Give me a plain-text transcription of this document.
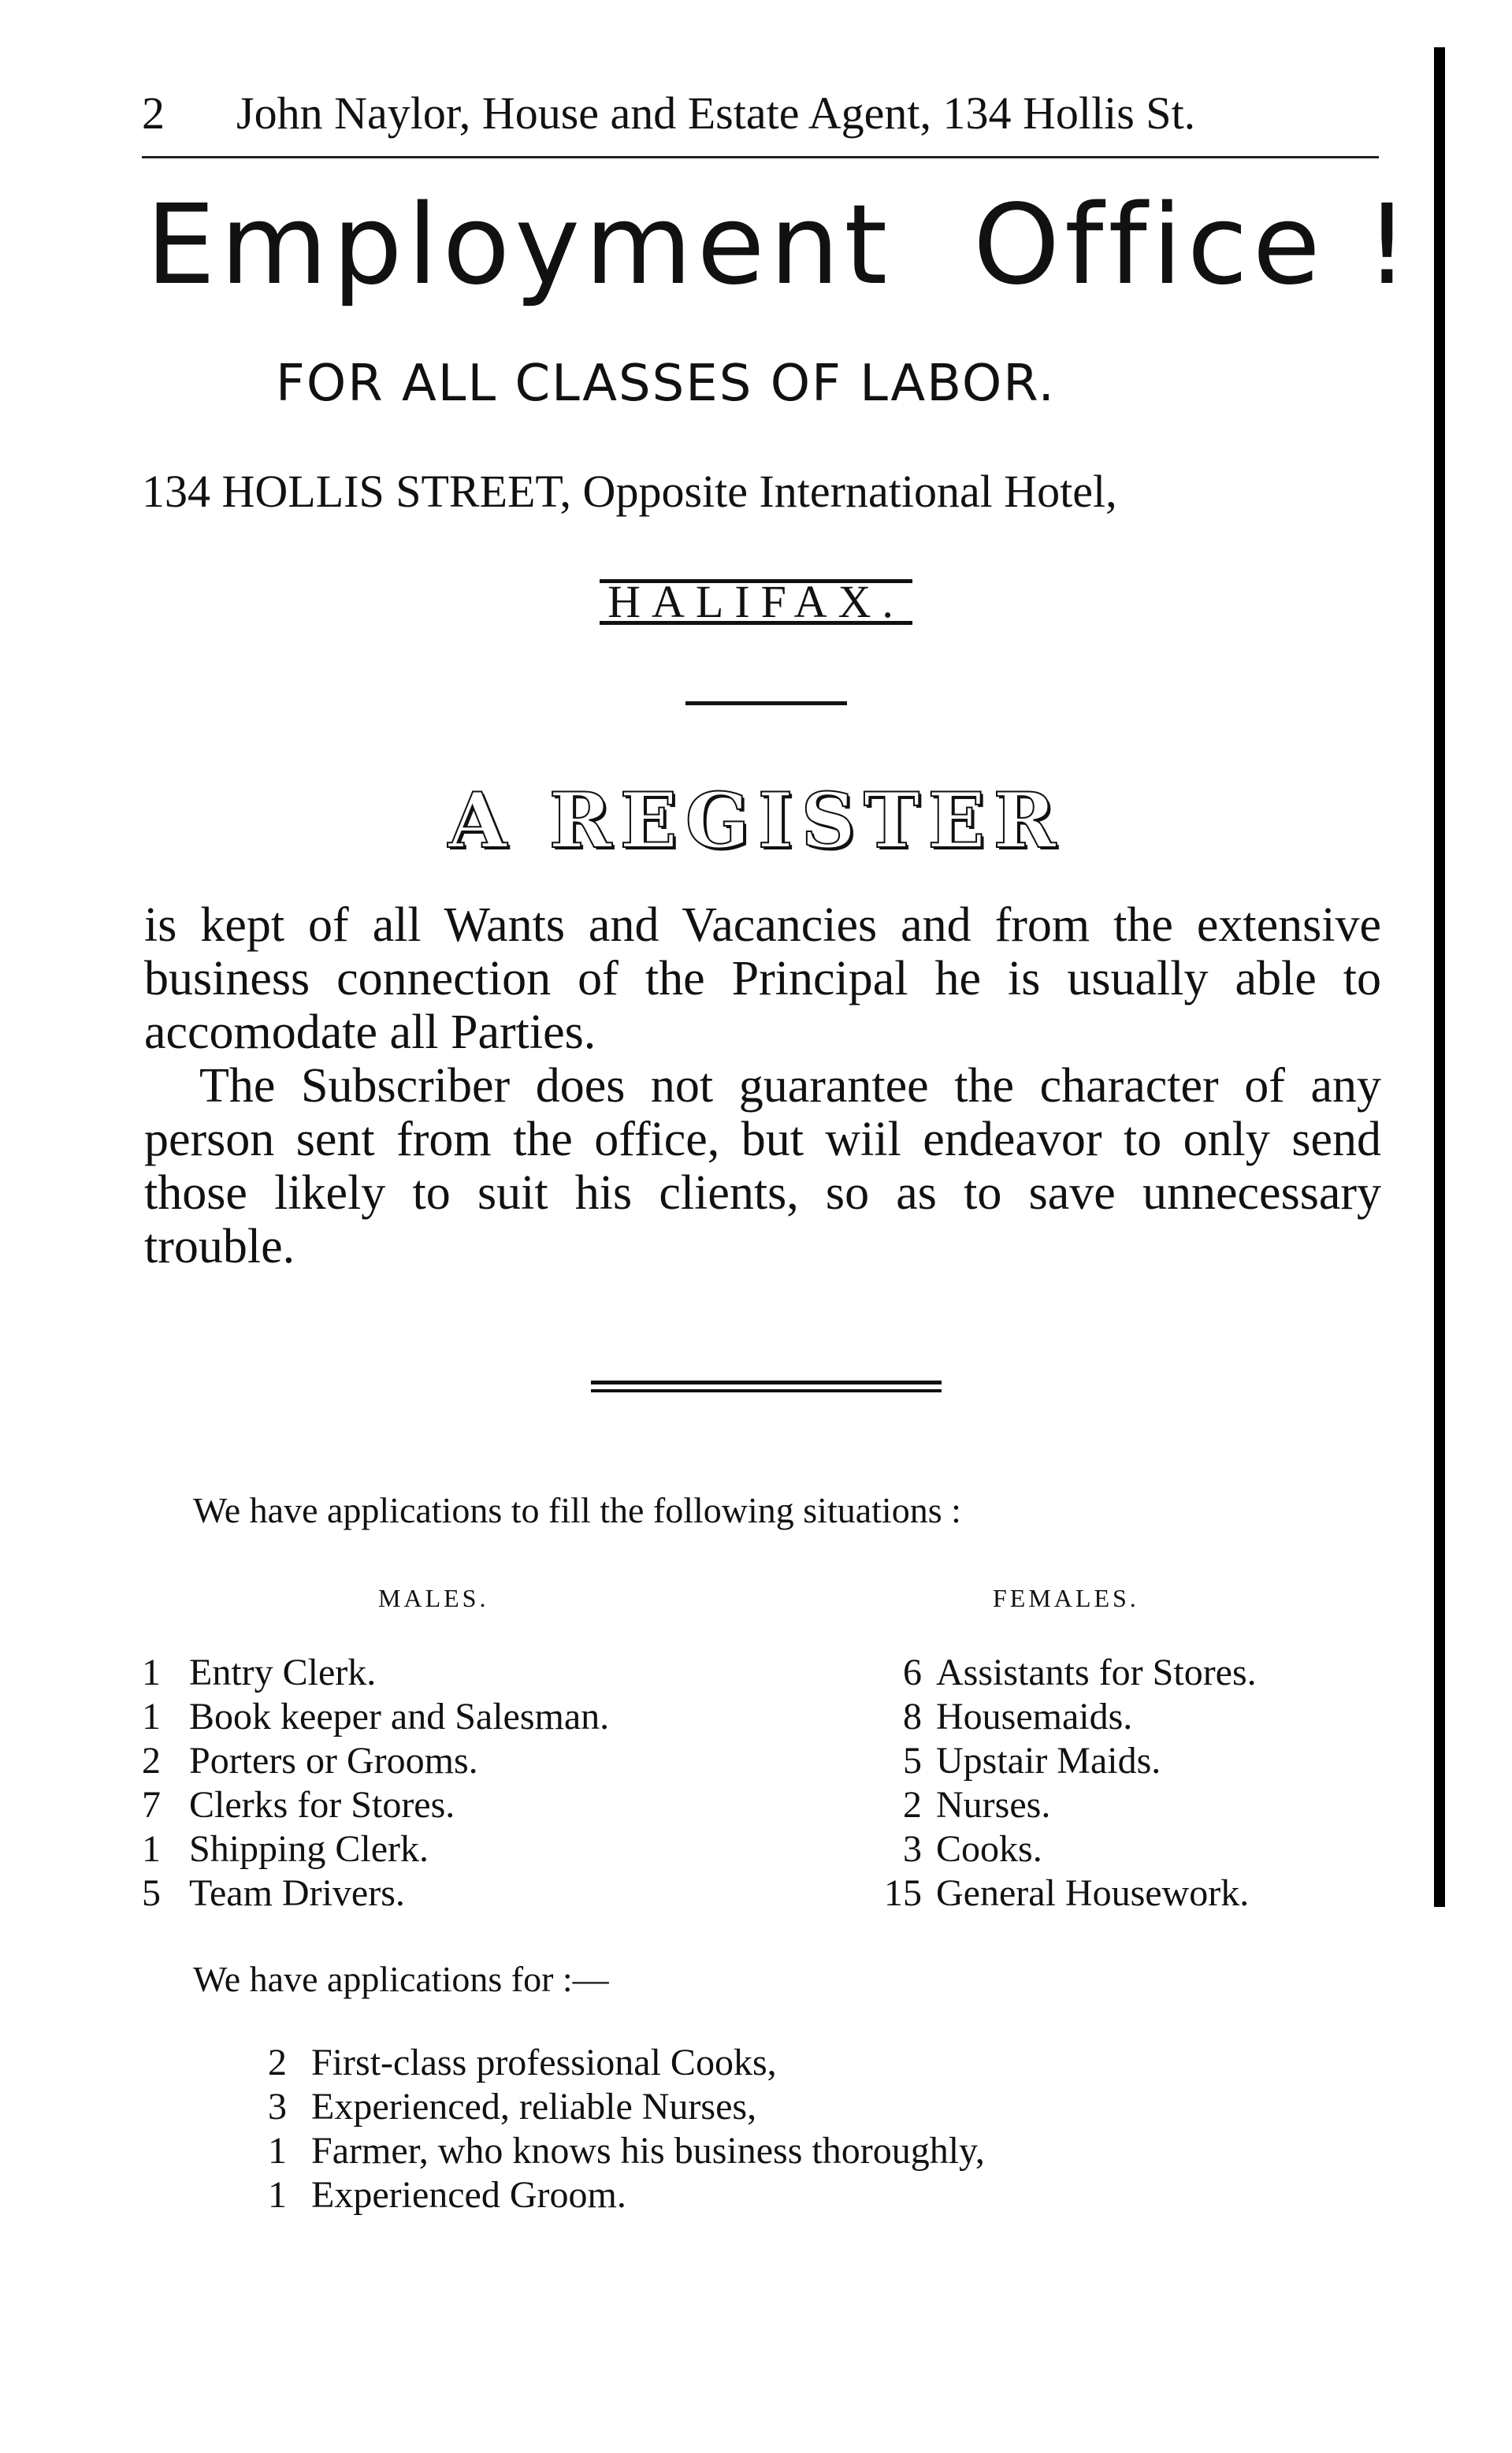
2 John Naylor, House and Estate Agent, 134 Hollis St.
Employment Office !
FOR ALL CLASSES OF LABOR.
134 HOLLIS STREET, Opposite International Hotel,
HALIFAX.
A REGISTER

is kept of all Wants and Vacancies and from the extensive business connection of the Principal he is usually able to accomodate all Parties.

The Subscriber does not guarantee the character of any person sent from the office, but wiil endeavor to only send those likely to suit his clients, so as to save unnecessary trouble.

We have applications to fill the following situations :
MALES.	FEMALES.
1 Entry Clerk.
1 Book keeper and Salesman.
2 Porters or Grooms.
7 Clerks for Stores.
1 Shipping Clerk.
5 Team Drivers.
6 Assistants for Stores.
8 Housemaids.
5 Upstair Maids.
2 Nurses.
3 Cooks.
15 General Housework.
We have applications for :—
2 First-class professional Cooks,
3 Experienced, reliable Nurses,
1 Farmer, who knows his business thoroughly,
1 Experienced Groom.
